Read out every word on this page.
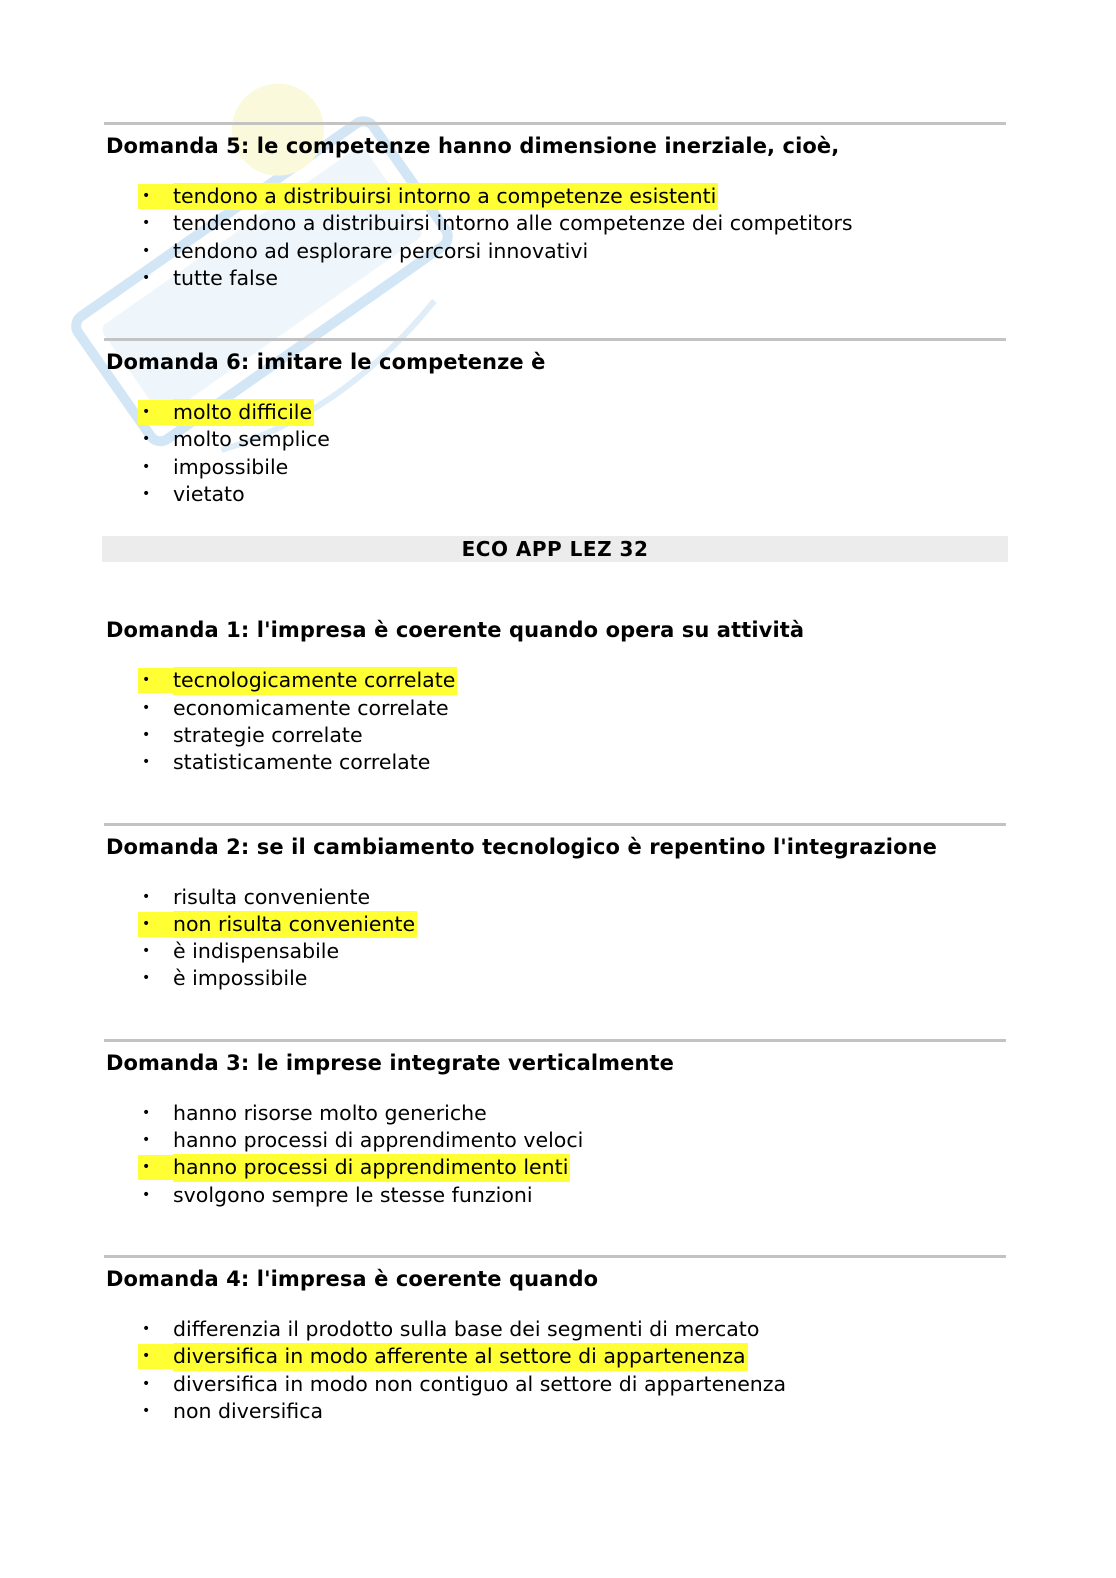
Domanda 5: le competenze hanno dimensione inerziale, cioè,
•	tendono a distribuirsi intorno a competenze esistenti
•	tendendono a distribuirsi intorno alle competenze dei competitors
•	tendono ad esplorare percorsi innovativi
•	tutte false
Domanda 6: imitare le competenze è
•	molto difficile
•	molto semplice
•	impossibile
•	vietato
ECO APP LEZ 32
Domanda 1: l'impresa è coerente quando opera su attività
•	tecnologicamente correlate
•	economicamente correlate
•	strategie correlate
•	statisticamente correlate
Domanda 2: se il cambiamento tecnologico è repentino l'integrazione
•	risulta conveniente
•	non risulta conveniente
•	è indispensabile
•	è impossibile
Domanda 3: le imprese integrate verticalmente
•	hanno risorse molto generiche
•	hanno processi di apprendimento veloci
•	hanno processi di apprendimento lenti
•	svolgono sempre le stesse funzioni
Domanda 4: l'impresa è coerente quando
•	differenzia il prodotto sulla base dei segmenti di mercato
•	diversifica in modo afferente al settore di appartenenza
•	diversifica in modo non contiguo al settore di appartenenza
•	non diversifica
